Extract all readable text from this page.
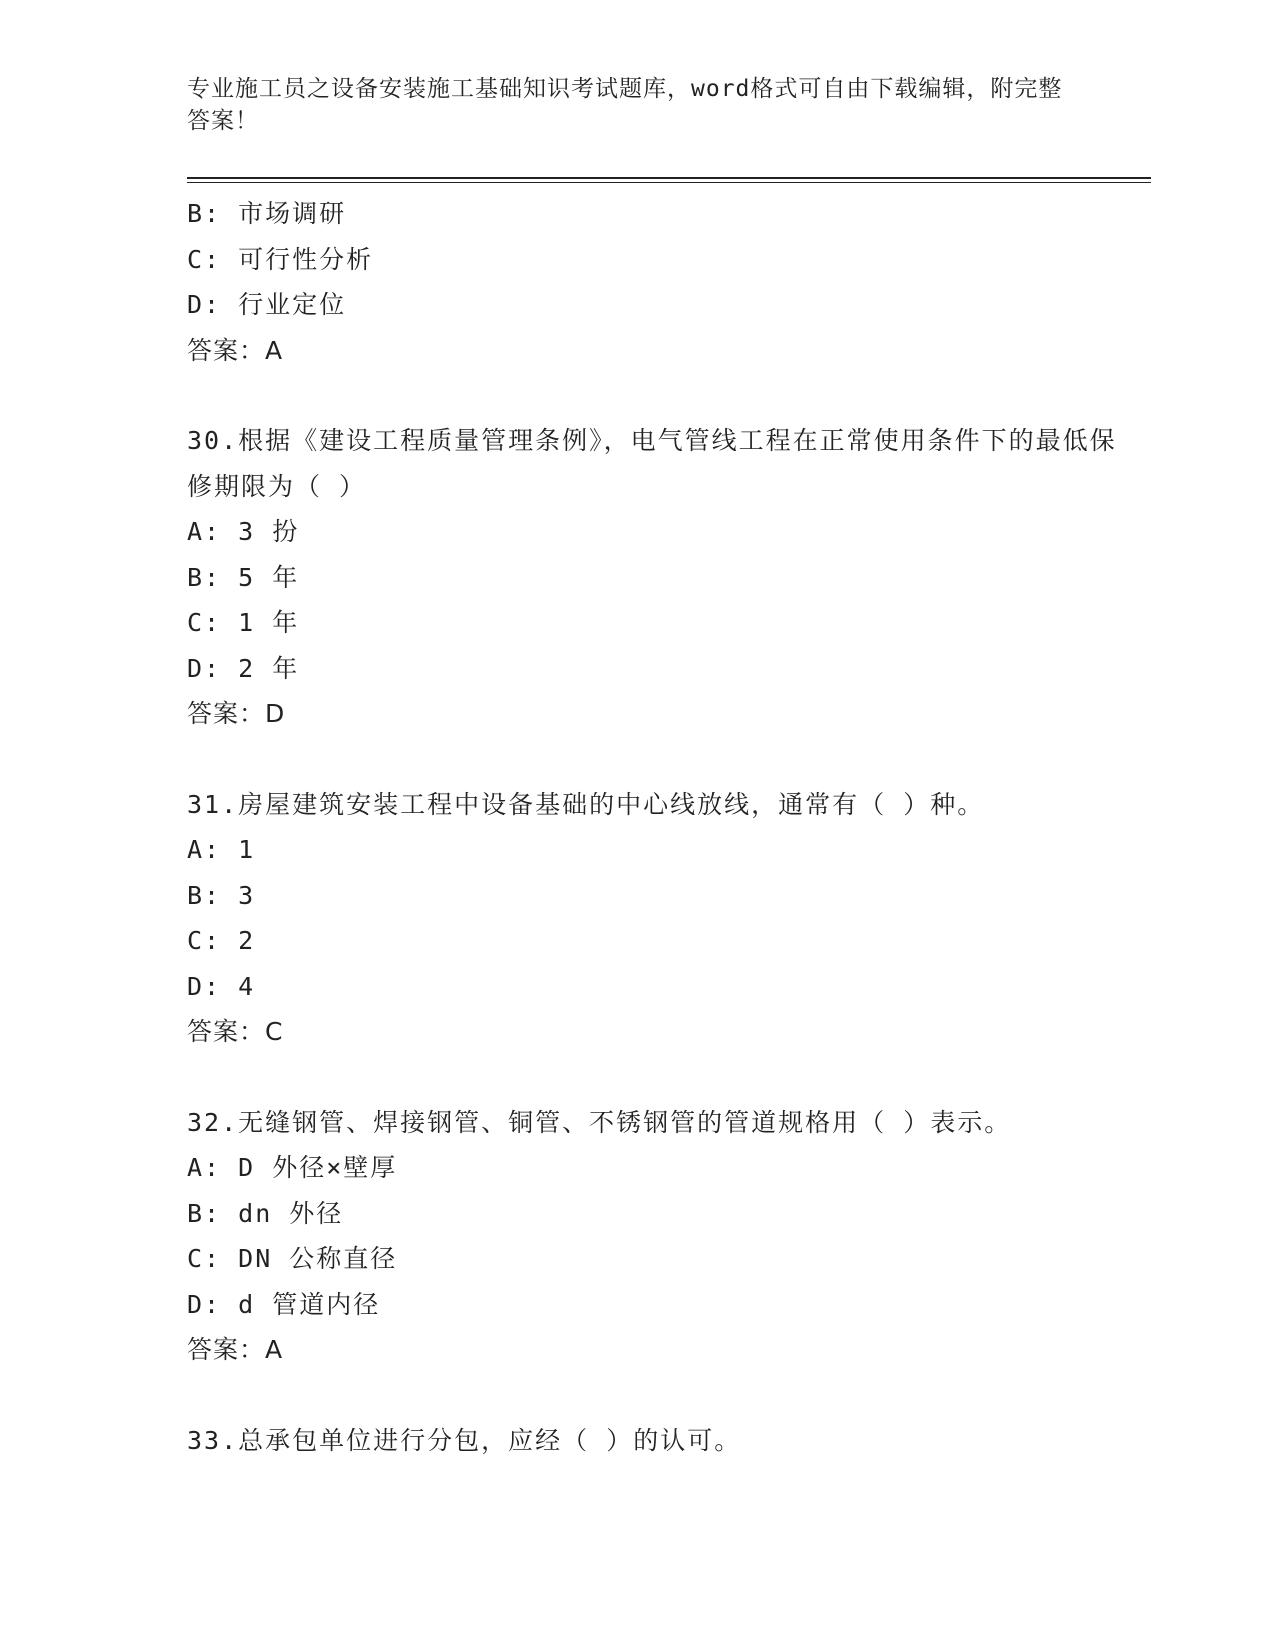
专业施工员之设备安装施工基础知识考试题库，word格式可自由下载编辑，附完整答案！
B: 市场调研
C: 可行性分析
D: 行业定位
答案：A
30.根据《建设工程质量管理条例》，电气管线工程在正常使用条件下的最低保修期限为（ ）
A: 3 扮
B: 5 年
C: 1 年
D: 2 年
答案：D
31.房屋建筑安装工程中设备基础的中心线放线，通常有（ ）种。
A: 1
B: 3
C: 2
D: 4
答案：C
32.无缝钢管、焊接钢管、铜管、不锈钢管的管道规格用（ ）表示。
A: D 外径×壁厚
B: dn 外径
C: DN 公称直径
D: d 管道内径
答案：A
33.总承包单位进行分包，应经（ ）的认可。
